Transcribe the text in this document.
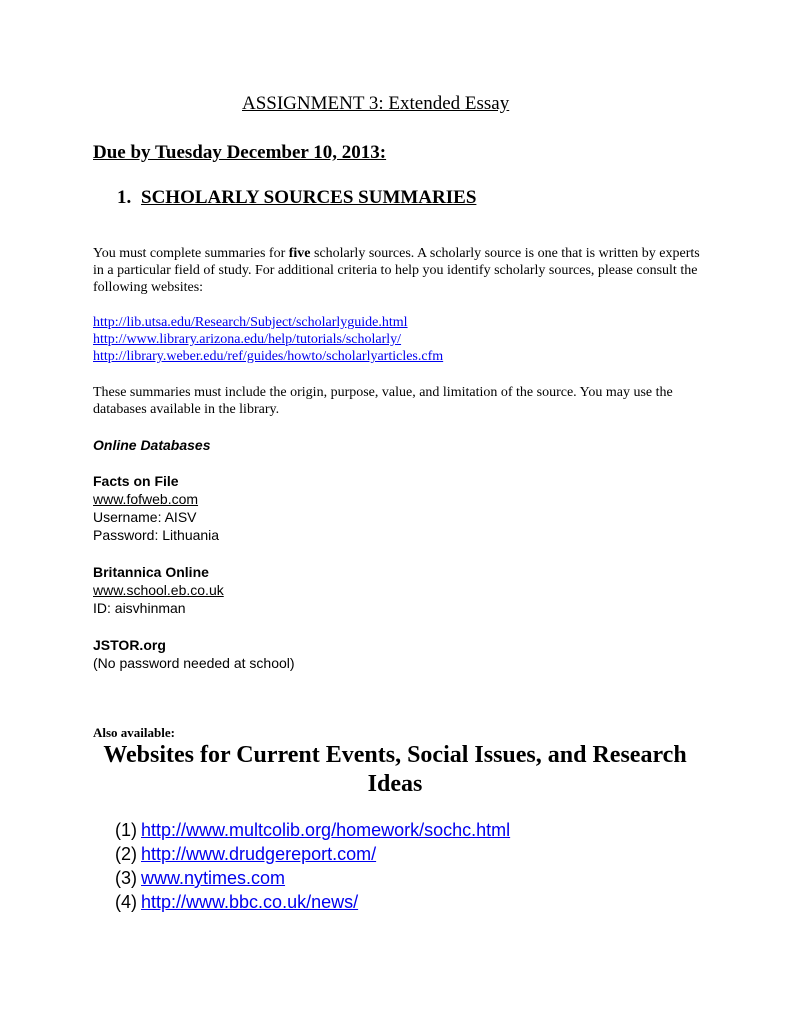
ASSIGNMENT 3: Extended Essay
Due by Tuesday December 10, 2013:
1. SCHOLARLY SOURCES SUMMARIES
You must complete summaries for five scholarly sources. A scholarly source is one that is written by experts in a particular field of study. For additional criteria to help you identify scholarly sources, please consult the following websites:
http://lib.utsa.edu/Research/Subject/scholarlyguide.html
http://www.library.arizona.edu/help/tutorials/scholarly/
http://library.weber.edu/ref/guides/howto/scholarlyarticles.cfm
These summaries must include the origin, purpose, value, and limitation of the source. You may use the databases available in the library.
Online Databases
Facts on File
www.fofweb.com
Username: AISV
Password: Lithuania
Britannica Online
www.school.eb.co.uk
ID: aisvhinman
JSTOR.org
(No password needed at school)
Also available:
Websites for Current Events, Social Issues, and Research Ideas
(1) http://www.multcolib.org/homework/sochc.html
(2) http://www.drudgereport.com/
(3) www.nytimes.com
(4) http://www.bbc.co.uk/news/
